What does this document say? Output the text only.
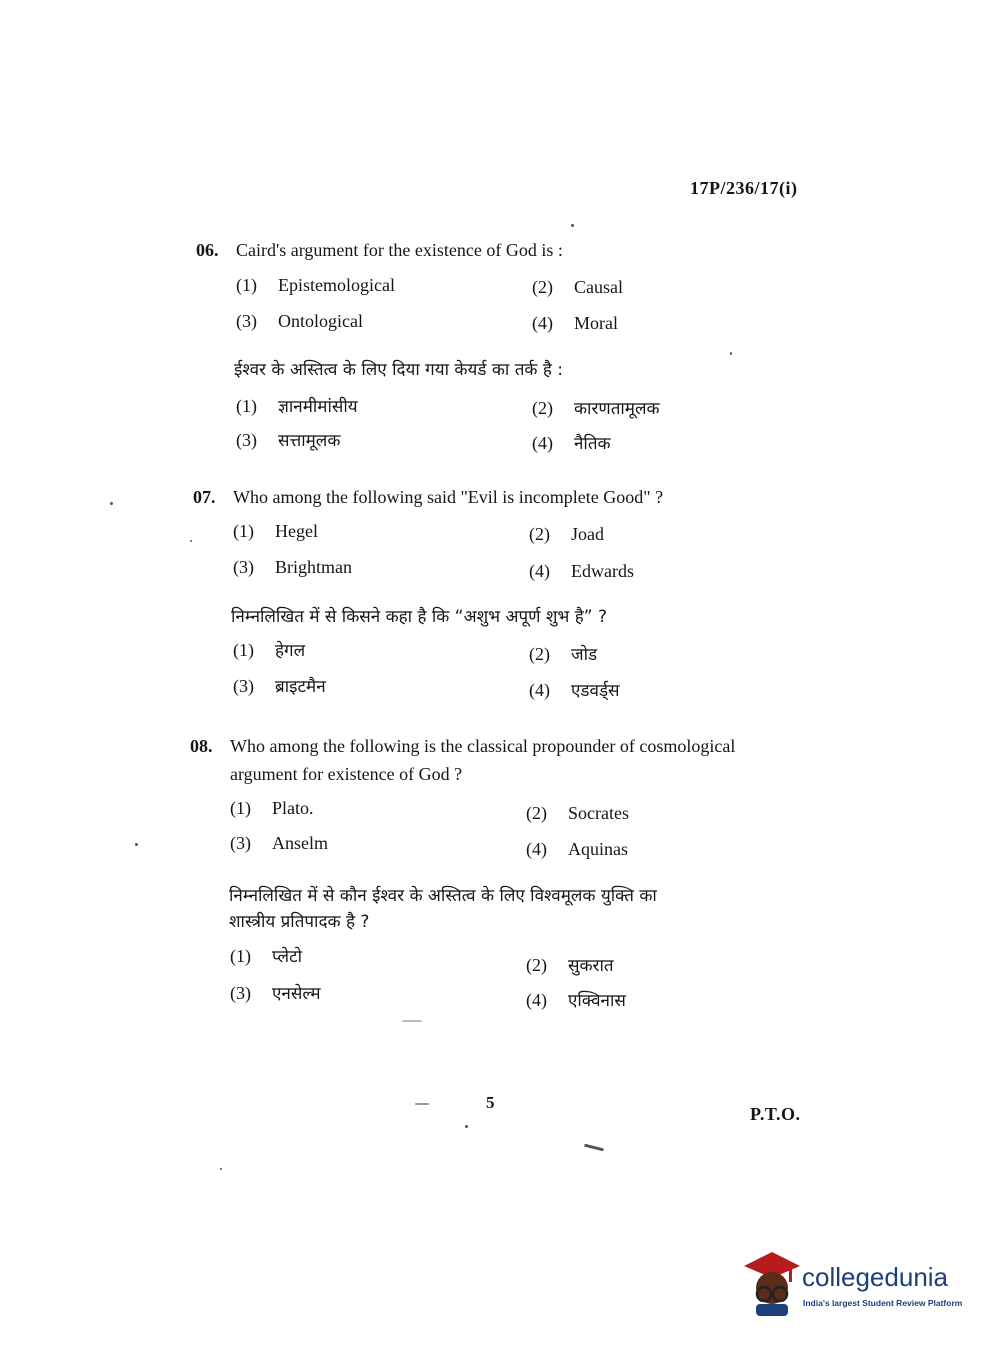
17P/236/17(i)
06. Caird's argument for the existence of God is :
(1) Epistemological	(2) Causal
(3) Ontological	(4) Moral
ईश्वर के अस्तित्व के लिए दिया गया केयर्ड का तर्क है :
(1) ज्ञानमीमांसीय	(2) कारणतामूलक
(3) सत्तामूलक	(4) नैतिक
07. Who among the following said "Evil is incomplete Good" ?
(1) Hegel	(2) Joad
(3) Brightman	(4) Edwards
निम्नलिखित में से किसने कहा है कि “अशुभ अपूर्ण शुभ है” ?
(1) हेगल	(2) जोड
(3) ब्राइटमैन	(4) एडवर्ड्स
08. Who among the following is the classical propounder of cosmological
argument for existence of God ?
(1) Plato.	(2) Socrates
(3) Anselm	(4) Aquinas
निम्नलिखित में से कौन ईश्वर के अस्तित्व के लिए विश्वमूलक युक्ति का
शास्त्रीय प्रतिपादक है ?
(1) प्लेटो	(2) सुकरात
(3) एनसेल्म	(4) एक्विनास
5
P.T.O.
collegedunia
India's largest Student Review Platform
